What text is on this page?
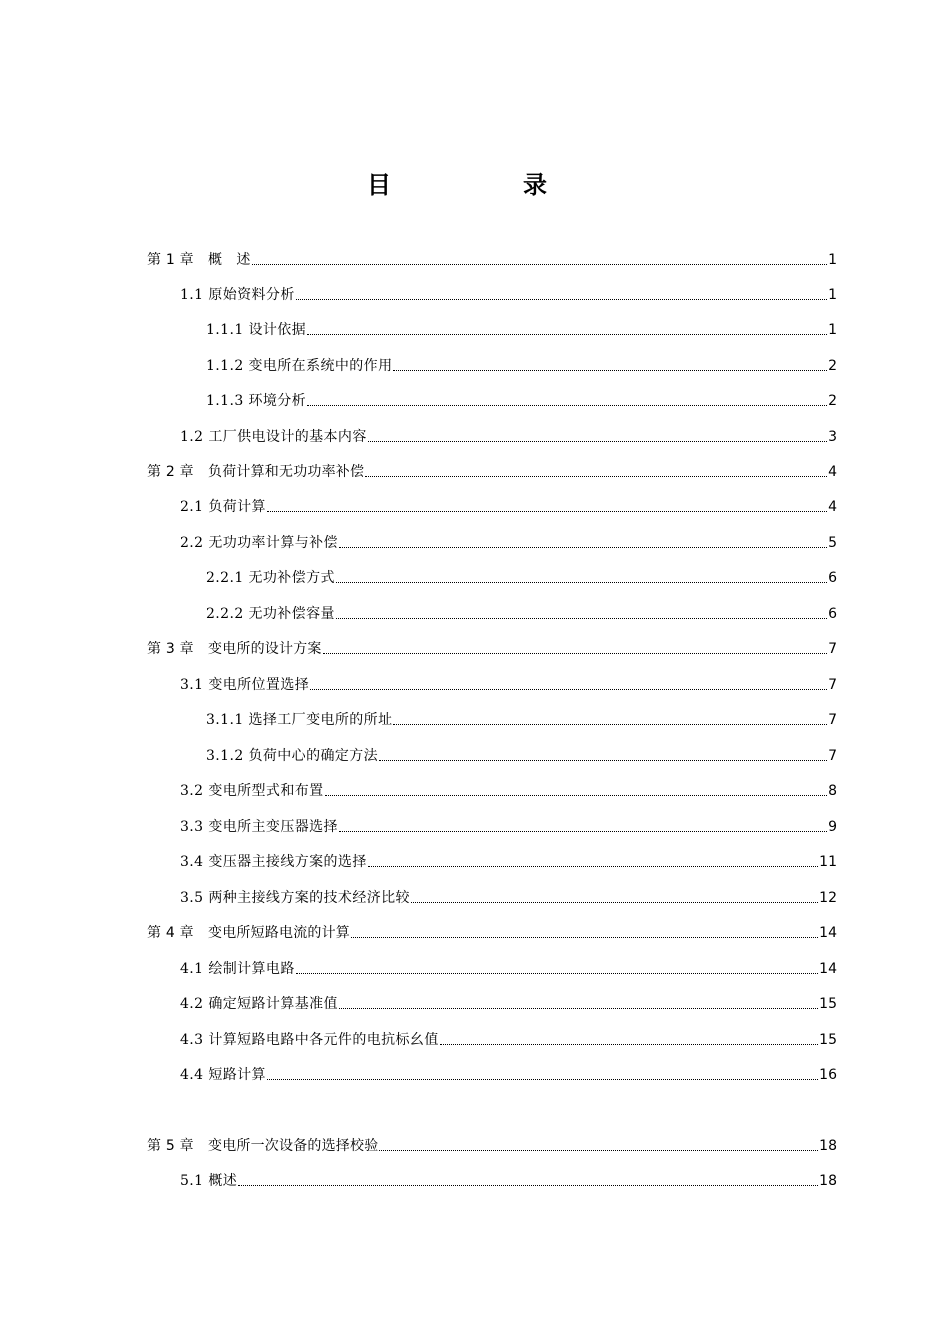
目　录
第 1 章　概　述	1
1.1 原始资料分析	1
1.1.1 设计依据	1
1.1.2 变电所在系统中的作用	2
1.1.3 环境分析	2
1.2 工厂供电设计的基本内容	3
第 2 章　负荷计算和无功功率补偿	4
2.1 负荷计算	4
2.2 无功功率计算与补偿	5
2.2.1 无功补偿方式	6
2.2.2 无功补偿容量	6
第 3 章　变电所的设计方案	7
3.1 变电所位置选择	7
3.1.1 选择工厂变电所的所址	7
3.1.2 负荷中心的确定方法	7
3.2 变电所型式和布置	8
3.3 变电所主变压器选择	9
3.4 变压器主接线方案的选择	11
3.5 两种主接线方案的技术经济比较	12
第 4 章　变电所短路电流的计算	14
4.1 绘制计算电路	14
4.2 确定短路计算基准值	15
4.3 计算短路电路中各元件的电抗标幺值	15
4.4 短路计算	16
第 5 章　变电所一次设备的选择校验	18
5.1 概述	18
